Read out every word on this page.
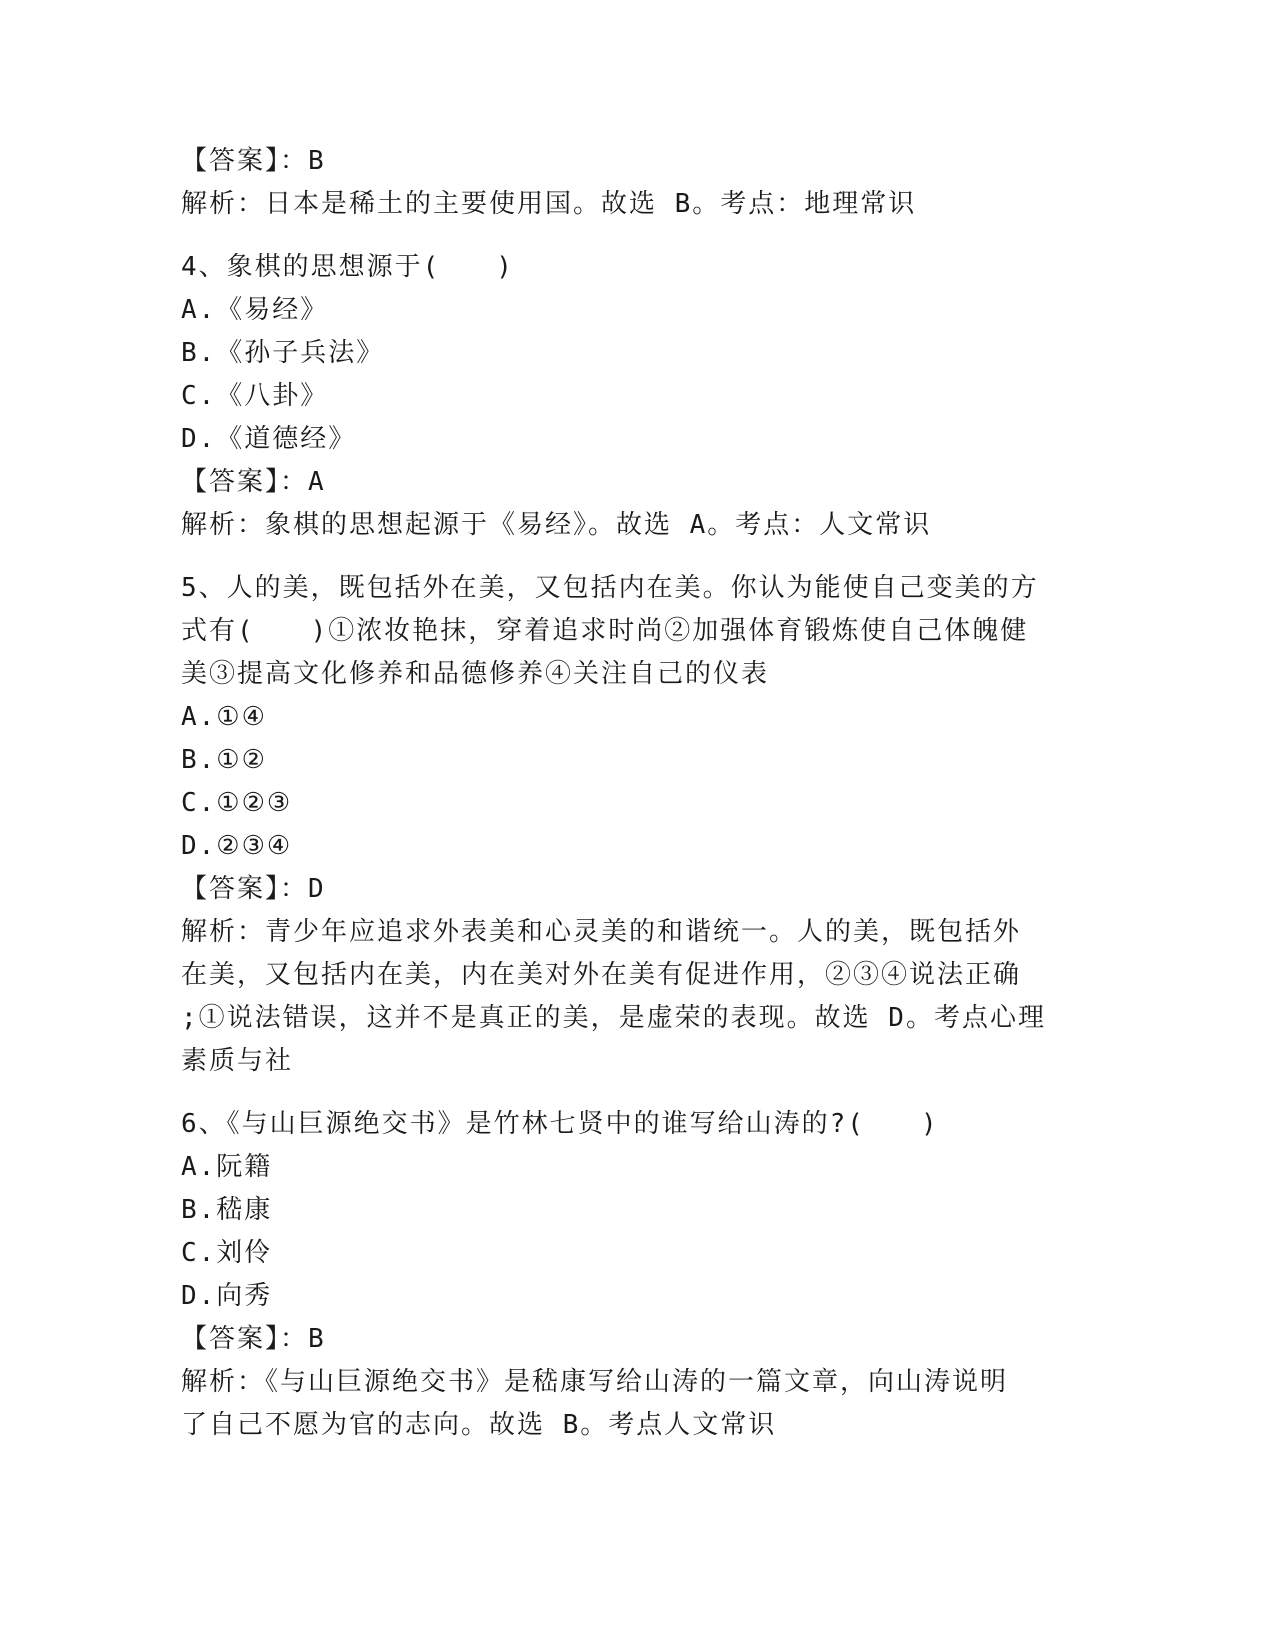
【答案】：B

解析：日本是稀土的主要使用国。故选 B。考点：地理常识

4、象棋的思想源于(　　)

A.《易经》

B.《孙子兵法》

C.《八卦》

D.《道德经》

【答案】：A

解析：象棋的思想起源于《易经》。故选 A。考点：人文常识

5、人的美，既包括外在美，又包括内在美。你认为能使自己变美的方

式有(　　)①浓妆艳抹，穿着追求时尚②加强体育锻炼使自己体魄健

美③提高文化修养和品德修养④关注自己的仪表

A.①④

B.①②

C.①②③

D.②③④

【答案】：D

解析：青少年应追求外表美和心灵美的和谐统一。人的美，既包括外

在美，又包括内在美，内在美对外在美有促进作用，②③④说法正确

;①说法错误，这并不是真正的美，是虚荣的表现。故选 D。考点心理

素质与社

6、《与山巨源绝交书》是竹林七贤中的谁写给山涛的?(　　)

A.阮籍

B.嵇康

C.刘伶

D.向秀

【答案】：B

解析：《与山巨源绝交书》是嵇康写给山涛的一篇文章，向山涛说明

了自己不愿为官的志向。故选 B。考点人文常识
